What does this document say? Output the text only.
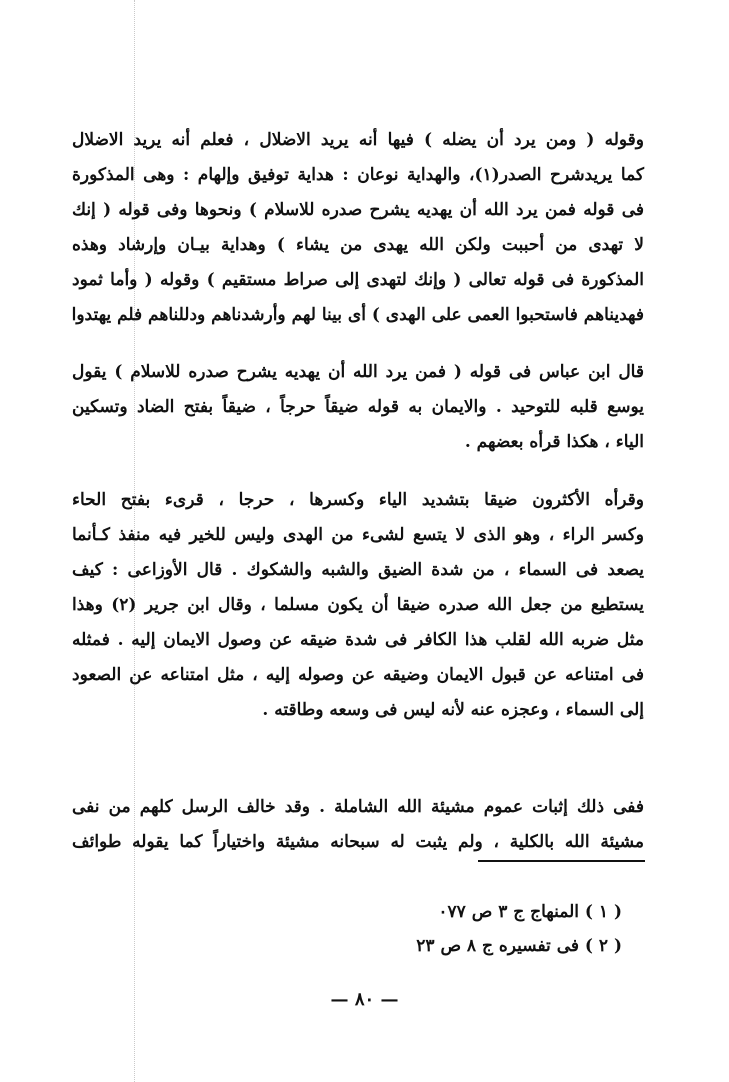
وقوله ( ومن يرد أن يضله ) فيها أنه يريد الاضلال ، فعلم أنه يريد الاضلال
كما يريدشرح الصدر(١)، والهداية نوعان : هداية توفيق وإلهام : وهى المذكورة
فى قوله فمن يرد الله أن يهديه يشرح صدره للاسلام ) ونحوها وفى قوله ( إنك
لا تهدى من أحببت ولكن الله يهدى من يشاء ) وهداية بيـان وإرشاد وهذه
المذكورة فى قوله تعالى ( وإنك لتهدى إلى صراط مستقيم ) وقوله ( وأما ثمود
فهديناهم فاستحبوا العمى على الهدى ) أى بينا لهم وأرشدناهم ودللناهم فلم يهتدوا
قال ابن عباس فى قوله ( فمن يرد الله أن يهديه يشرح صدره للاسلام ) يقول
يوسع قلبه للتوحيد . والايمان به قوله ضيقاً حرجاً ، ضيقاً بفتح الضاد وتسكين
الياء ، هكذا قرأه بعضهم .
وقرأه الأكثرون ضيقا بتشديد الياء وكسرها ، حرجا ، قرىء بفتح الحاء
وكسر الراء ، وهو الذى لا يتسع لشىء من الهدى وليس للخير فيه منفذ كـأنما
يصعد فى السماء ، من شدة الضيق والشبه والشكوك . قال الأوزاعى : كيف
يستطيع من جعل الله صدره ضيقا أن يكون مسلما ، وقال ابن جرير (٢) وهذا
مثل ضربه الله لقلب هذا الكافر فى شدة ضيقه عن وصول الايمان إليه . فمثله
فى امتناعه عن قبول الايمان وضيقه عن وصوله إليه ، مثل امتناعه عن الصعود
إلى السماء ، وعجزه عنه لأنه ليس فى وسعه وطاقته .
ففى ذلك إثبات عموم مشيئة الله الشاملة . وقد خالف الرسل كلهم من نفى
مشيئة الله بالكلية ، ولم يثبت له سبحانه مشيئة واختياراً كما يقوله طوائف
( ١ ) المنهاج ج ٣ ص ٠٧٧
( ٢ ) فى تفسيره ج ٨ ص ٢٣
— ٨٠ —
